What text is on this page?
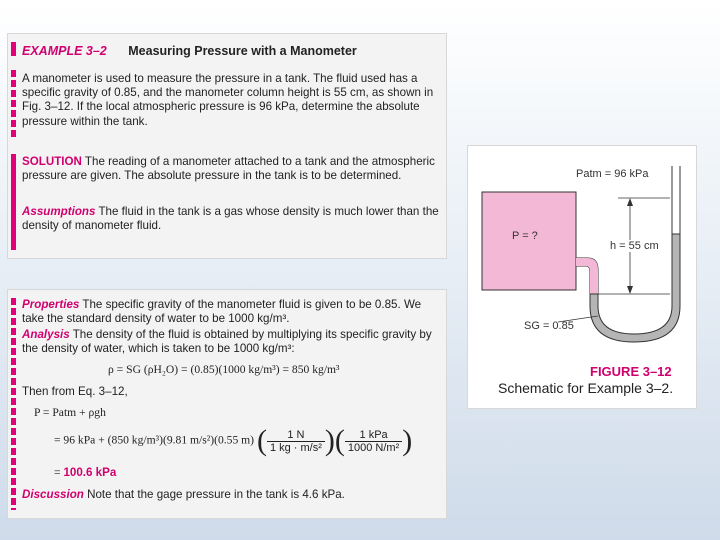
EXAMPLE 3–2 Measuring Pressure with a Manometer
A manometer is used to measure the pressure in a tank. The fluid used has a specific gravity of 0.85, and the manometer column height is 55 cm, as shown in Fig. 3–12. If the local atmospheric pressure is 96 kPa, determine the absolute pressure within the tank.
SOLUTION The reading of a manometer attached to a tank and the atmospheric pressure are given. The absolute pressure in the tank is to be determined.
Assumptions The fluid in the tank is a gas whose density is much lower than the density of manometer fluid.
Properties The specific gravity of the manometer fluid is given to be 0.85. We take the standard density of water to be 1000 kg/m³.
Analysis The density of the fluid is obtained by multiplying its specific gravity by the density of water, which is taken to be 1000 kg/m³:
ρ = SG (ρH₂O) = (0.85)(1000 kg/m³) = 850 kg/m³
Then from Eq. 3–12,
P = Patm + ρgh
= 96 kPa + (850 kg/m³)(9.81 m/s²)(0.55 m) ( $\frac{1 N}{\text{1 kg · m/s²}}$ )( $\frac{\text{1 kPa}}{\text{1000 N/m²}}$ )
= 100.6 kPa
Discussion Note that the gage pressure in the tank is 4.6 kPa.
Patm = 96 kPa
P = ?
h = 55 cm
SG = 0.85
FIGURE 3–12
Schematic for Example 3–2.
